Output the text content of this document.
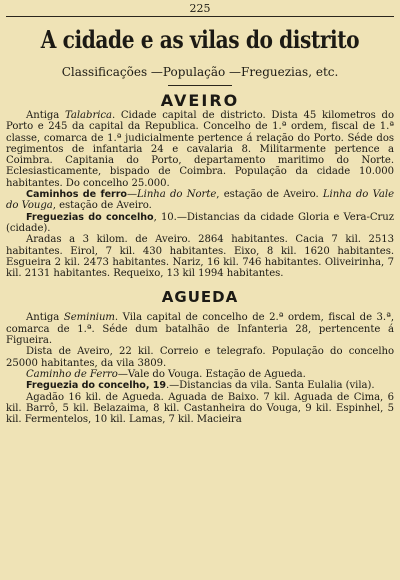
225
A cidade e as vilas do distrito
Classificações —População —Freguezias, etc.
AVEIRO

Antiga Talabrica. Cidade capital de districto. Dista 45 kilometros do Porto e 245 da capital da Republica. Concelho de 1.ª ordem, fiscal de 1.ª classe, comarca de 1.ª judicialmente pertence á relação do Porto. Séde dos regimentos de infantaria 24 e cavalaria 8. Militarmente pertence a Coimbra. Capitania do Porto, departamento maritimo do Norte. Eclesiasticamente, bispado de Coimbra. População da cidade 10.000 habitantes. Do concelho 25.000.

Caminhos de ferro—Linha do Norte, estação de Aveiro. Linha do Vale do Vouga, estação de Aveiro.

Freguezias do concelho, 10.—Distancias da cidade Gloria e Vera-Cruz (cidade).

Aradas a 3 kilom. de Aveiro. 2864 habitantes. Cacia 7 kil. 2513 habitantes. Eirol, 7 kil. 430 habitantes. Eixo, 8 kil. 1620 habitantes. Esgueira 2 kil. 2473 habitantes. Nariz, 16 kil. 746 habitantes. Oliveirinha, 7 kil. 2131 habitantes. Requeixo, 13 kil 1994 habitantes.

AGUEDA

Antiga Seminium. Vila capital de concelho de 2.ª ordem, fiscal de 3.ª, comarca de 1.ª. Séde dum batalhão de Infanteria 28, pertencente á Figueira.

Dista de Aveiro, 22 kil. Correio e telegrafo. População do concelho 25000 habitantes, da vila 3809.

Caminho de Ferro—Vale do Vouga. Estação de Agueda.

Freguezia do concelho, 19.—Distancias da vila. Santa Eulalia (vila).

Agadão 16 kil. de Agueda. Aguada de Baixo. 7 kil. Aguada de Cima, 6 kil. Barrô, 5 kil. Belazaima, 8 kil. Castanheira do Vouga, 9 kil. Espinhel, 5 kil. Fermentelos, 10 kil. Lamas, 7 kil. Macieira
